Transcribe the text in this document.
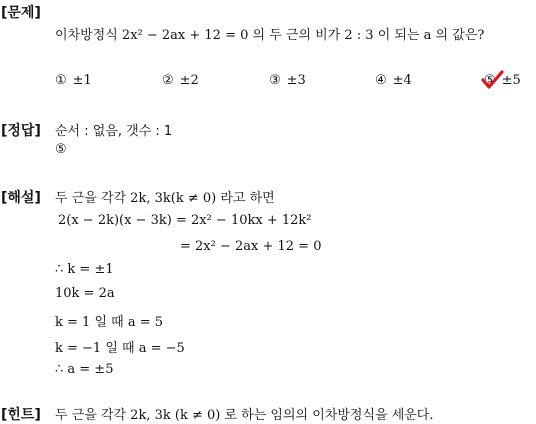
[문제]
이차방정식 2x² − 2ax + 12 = 0 의 두 근의 비가 2 : 3 이 되는 a 의 값은?
① ±1	② ±2	③ ±3	④ ±4	⑤ ±5
[정답] 순서 : 없음, 갯수 : 1
⑤
[해설] 두 근을 각각 2k, 3k(k ≠ 0) 라고 하면
2(x − 2k)(x − 3k) = 2x² − 10kx + 12k²
= 2x² − 2ax + 12 = 0
∴ k = ±1
10k = 2a
k = 1 일 때 a = 5
k = −1 일 때 a = −5
∴ a = ±5
[힌트] 두 근을 각각 2k, 3k (k ≠ 0) 로 하는 임의의 이차방정식을 세운다.
